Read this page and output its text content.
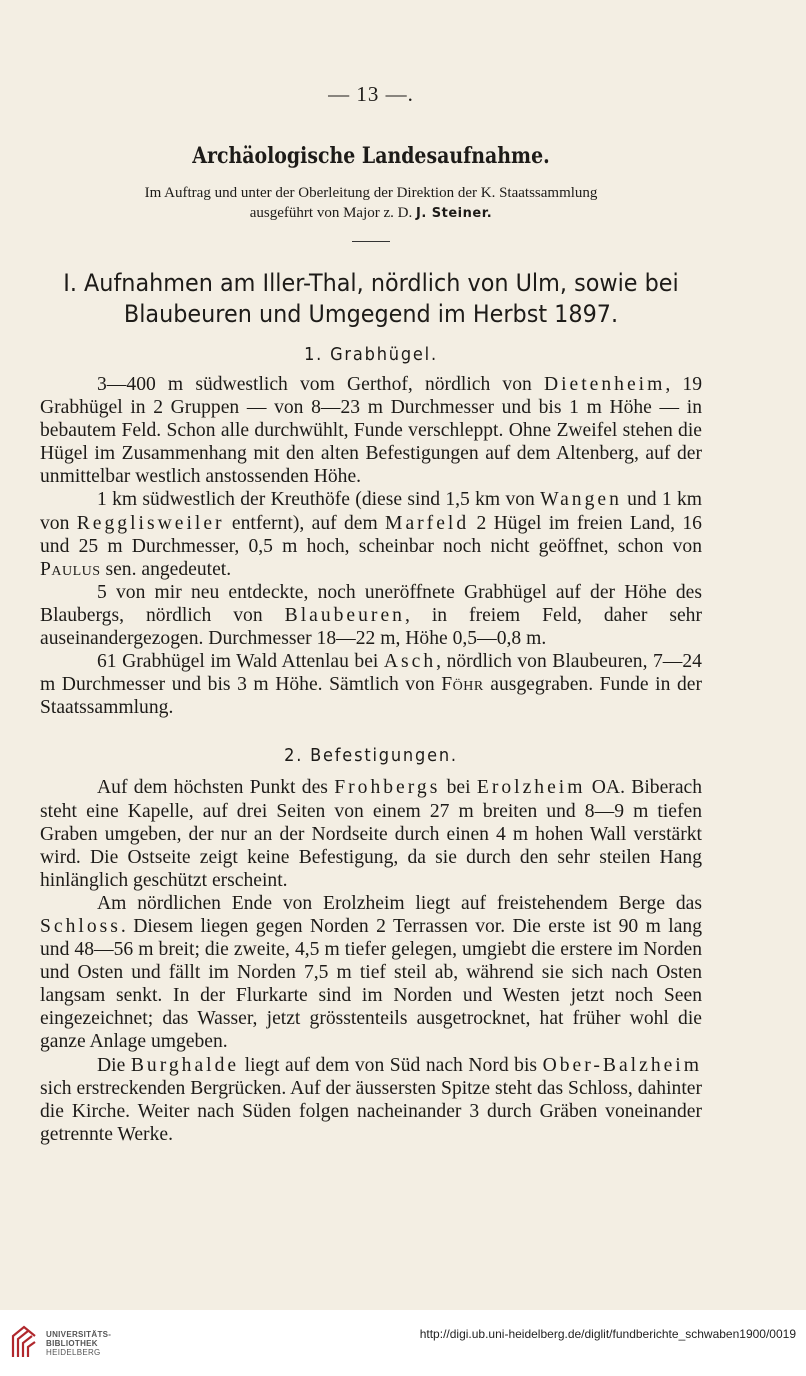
— 13 —.
Archäologische Landesaufnahme.
Im Auftrag und unter der Oberleitung der Direktion der K. Staatssammlung
ausgeführt von Major z. D. J. Steiner.
I. Aufnahmen am Iller-Thal, nördlich von Ulm, sowie bei
Blaubeuren und Umgegend im Herbst 1897.
1. Grabhügel.

3—400 m südwestlich vom Gerthof, nördlich von Dietenheim, 19 Grabhügel in 2 Gruppen — von 8—23 m Durchmesser und bis 1 m Höhe — in bebautem Feld. Schon alle durchwühlt, Funde verschleppt. Ohne Zweifel stehen die Hügel im Zusammenhang mit den alten Befestigungen auf dem Altenberg, auf der unmittelbar westlich anstossenden Höhe.

1 km südwestlich der Kreuthöfe (diese sind 1,5 km von Wangen und 1 km von Regglisweiler entfernt), auf dem Marfeld 2 Hügel im freien Land, 16 und 25 m Durchmesser, 0,5 m hoch, scheinbar noch nicht geöffnet, schon von Paulus sen. angedeutet.

5 von mir neu entdeckte, noch uneröffnete Grabhügel auf der Höhe des Blaubergs, nördlich von Blaubeuren, in freiem Feld, daher sehr auseinandergezogen. Durchmesser 18—22 m, Höhe 0,5—0,8 m.

61 Grabhügel im Wald Attenlau bei Asch, nördlich von Blaubeuren, 7—24 m Durchmesser und bis 3 m Höhe. Sämtlich von Föhr ausgegraben. Funde in der Staatssammlung.

2. Befestigungen.

Auf dem höchsten Punkt des Frohbergs bei Erolzheim OA. Biberach steht eine Kapelle, auf drei Seiten von einem 27 m breiten und 8—9 m tiefen Graben umgeben, der nur an der Nordseite durch einen 4 m hohen Wall verstärkt wird. Die Ostseite zeigt keine Befestigung, da sie durch den sehr steilen Hang hinlänglich geschützt erscheint.

Am nördlichen Ende von Erolzheim liegt auf freistehendem Berge das Schloss. Diesem liegen gegen Norden 2 Terrassen vor. Die erste ist 90 m lang und 48—56 m breit; die zweite, 4,5 m tiefer gelegen, umgiebt die erstere im Norden und Osten und fällt im Norden 7,5 m tief steil ab, während sie sich nach Osten langsam senkt. In der Flurkarte sind im Norden und Westen jetzt noch Seen eingezeichnet; das Wasser, jetzt grösstenteils ausgetrocknet, hat früher wohl die ganze Anlage umgeben.

Die Burghalde liegt auf dem von Süd nach Nord bis Ober-Balzheim sich erstreckenden Bergrücken. Auf der äussersten Spitze steht das Schloss, dahinter die Kirche. Weiter nach Süden folgen nacheinander 3 durch Gräben voneinander getrennte Werke.

UNIVERSITÄTS-
BIBLIOTHEK
HEIDELBERG
http://digi.ub.uni-heidelberg.de/diglit/fundberichte_schwaben1900/0019
